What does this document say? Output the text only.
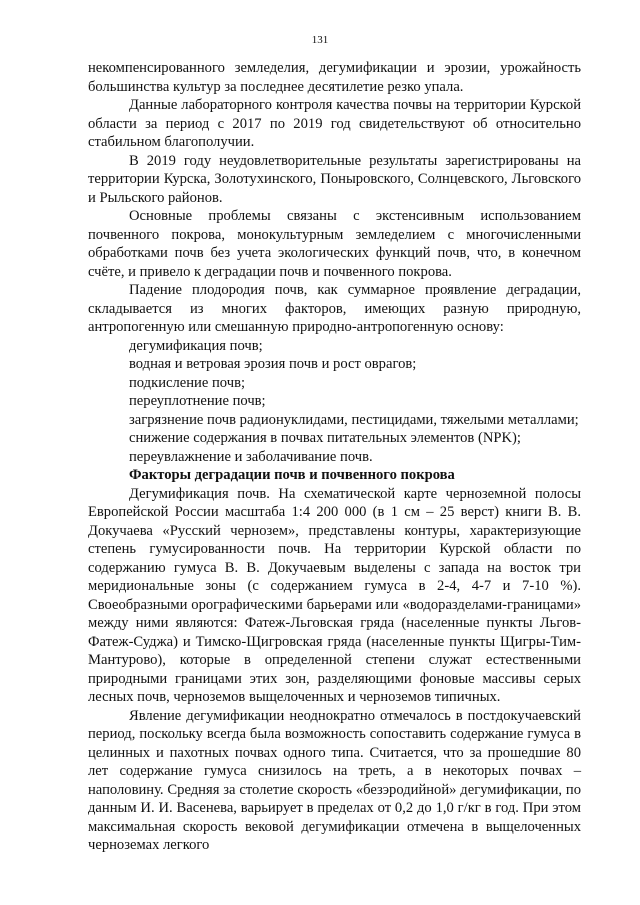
131

некомпенсированного земледелия, дегумификации и эрозии, урожайность большинства культур за последнее десятилетие резко упала.

Данные лабораторного контроля качества почвы на территории Курской области за период с 2017 по 2019 год свидетельствуют об относительно стабильном благополучии.

В 2019 году неудовлетворительные результаты зарегистрированы на территории Курска, Золотухинского, Поныровского, Солнцевского, Льговского и Рыльского районов.

Основные проблемы связаны с экстенсивным использованием почвенного покрова, монокультурным земледелием с многочисленными обработками почв без учета экологических функций почв, что, в конечном счёте, и привело к деградации почв и почвенного покрова.

Падение плодородия почв, как суммарное проявление деградации, складывается из многих факторов, имеющих разную природную, антропогенную или смешанную природно-антропогенную основу:

дегумификация почв;

водная и ветровая эрозия почв и рост оврагов;

подкисление почв;

переуплотнение почв;

загрязнение почв радионуклидами, пестицидами, тяжелыми металлами;

снижение содержания в почвах питательных элементов (NPK);

переувлажнение и заболачивание почв.

Факторы деградации почв и почвенного покрова

Дегумификация почв. На схематической карте черноземной полосы Европейской России масштаба 1:4 200 000 (в 1 см – 25 верст) книги В. В. Докучаева «Русский чернозем», представлены контуры, характеризующие степень гумусированности почв. На территории Курской области по содержанию гумуса В. В. Докучаевым выделены с запада на восток три меридиональные зоны (с содержанием гумуса в 2-4, 4-7 и 7-10 %). Своеобразными орографическими барьерами или «водоразделами-границами» между ними являются: Фатеж-Льговская гряда (населенные пункты Льгов-Фатеж-Суджа) и Тимско-Щигровская гряда (населенные пункты Щигры-Тим-Мантурово), которые в определенной степени служат естественными природными границами этих зон, разделяющими фоновые массивы серых лесных почв, черноземов выщелоченных и черноземов типичных.

Явление дегумификации неоднократно отмечалось в постдокучаевский период, поскольку всегда была возможность сопоставить содержание гумуса в целинных и пахотных почвах одного типа. Считается, что за прошедшие 80 лет содержание гумуса снизилось на треть, а в некоторых почвах – наполовину. Средняя за столетие скорость «безэродийной» дегумификации, по данным И. И. Васенева, варьирует в пределах от 0,2 до 1,0 г/кг в год. При этом максимальная скорость вековой дегумификации отмечена в выщелоченных черноземах легкого
